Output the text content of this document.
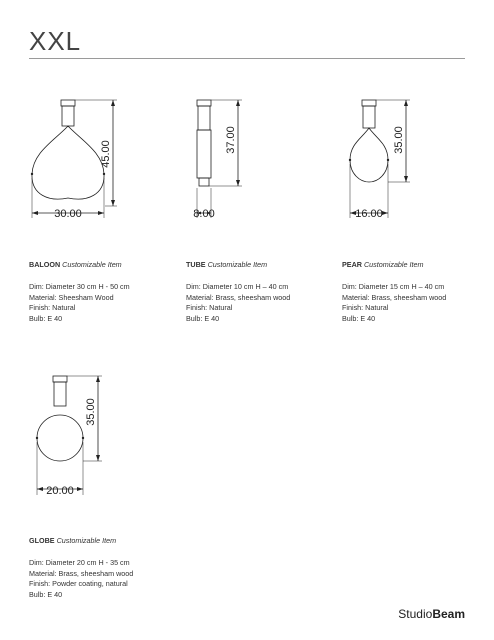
XXL
45.00
30.00
37.00
8.00
35.00
16.00
35.00
20.00
BALOON Customizable Item
Dim: Diameter 30 cm H - 50 cm
Material: Sheesham Wood
Finish: Natural
Bulb: E 40
TUBE Customizable Item
Dim: Diameter 10 cm H – 40 cm
Material: Brass, sheesham wood
Finish: Natural
Bulb: E 40
PEAR Customizable Item
Dim: Diameter 15 cm H – 40 cm
Material: Brass, sheesham wood
Finish: Natural
Bulb: E 40
GLOBE Customizable Item
Dim: Diameter 20 cm H - 35 cm
Material: Brass, sheesham wood
Finish: Powder coating, natural
Bulb: E 40
StudioBeam
